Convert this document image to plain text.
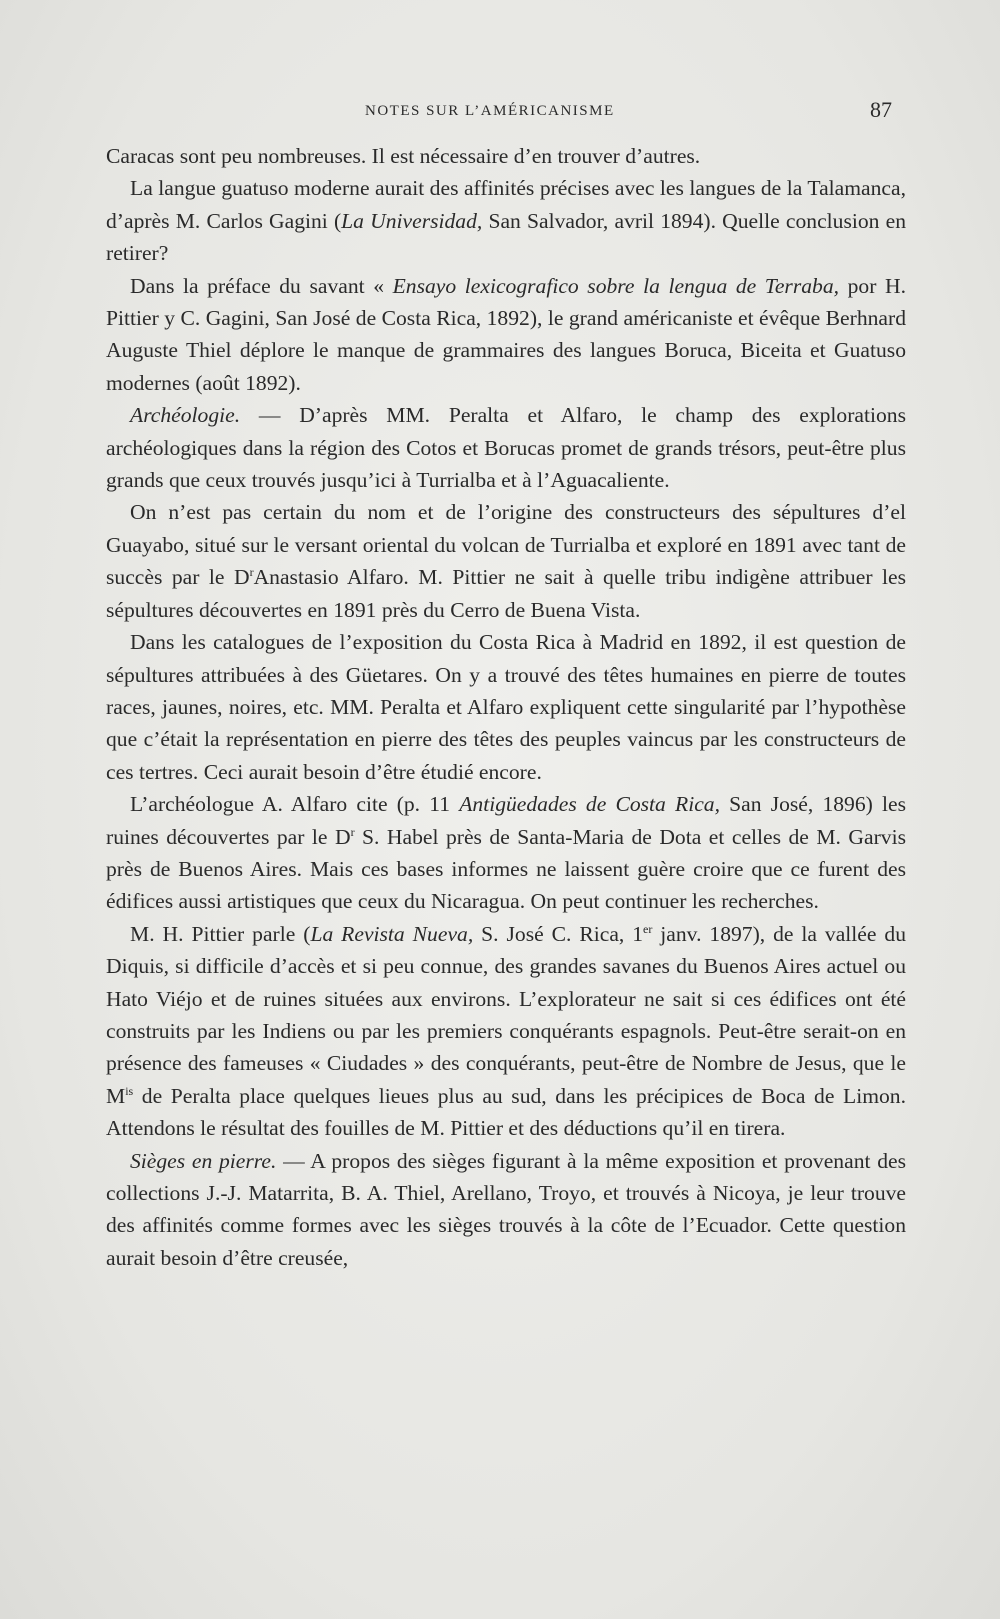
NOTES SUR L’AMÉRICANISME	87

Caracas sont peu nombreuses. Il est nécessaire d’en trouver d’autres.

La langue guatuso moderne aurait des affinités précises avec les langues de la Talamanca, d’après M. Carlos Gagini (La Universidad, San Salvador, avril 1894). Quelle conclusion en retirer?

Dans la préface du savant « Ensayo lexicografico sobre la lengua de Terraba, por H. Pittier y C. Gagini, San José de Costa Rica, 1892), le grand américaniste et évêque Berhnard Auguste Thiel déplore le manque de grammaires des langues Boruca, Biceita et Guatuso modernes (août 1892).

Archéologie. — D’après MM. Peralta et Alfaro, le champ des explorations archéologiques dans la région des Cotos et Borucas promet de grands trésors, peut-être plus grands que ceux trouvés jusqu’ici à Turrialba et à l’Aguacaliente.

On n’est pas certain du nom et de l’origine des constructeurs des sépultures d’el Guayabo, situé sur le versant oriental du volcan de Turrialba et exploré en 1891 avec tant de succès par le $D^rAnastasio$ Alfaro. M. Pittier ne sait à quelle tribu indigène attribuer les sépultures découvertes en 1891 près du Cerro de Buena Vista.

Dans les catalogues de l’exposition du Costa Rica à Madrid en 1892, il est question de sépultures attribuées à des Güetares. On y a trouvé des têtes humaines en pierre de toutes races, jaunes, noires, etc. MM. Peralta et Alfaro expliquent cette singularité par l’hypothèse que c’était la représentation en pierre des têtes des peuples vaincus par les constructeurs de ces tertres. Ceci aurait besoin d’être étudié encore.

L’archéologue A. Alfaro cite (p. 11 Antigüedades de Costa Rica, San José, 1896) les ruines découvertes par le $D^r$ S. Habel près de Santa-Maria de Dota et celles de M. Garvis près de Buenos Aires. Mais ces bases informes ne laissent guère croire que ce furent des édifices aussi artistiques que ceux du Nicaragua. On peut continuer les recherches.

M. H. Pittier parle (La Revista Nueva, S. José C. Rica, 1er janv. 1897), de la vallée du Diquis, si difficile d’accès et si peu connue, des grandes savanes du Buenos Aires actuel ou Hato Viéjo et de ruines situées aux environs. L’explorateur ne sait si ces édifices ont été construits par les Indiens ou par les premiers conquérants espagnols. Peut-être serait-on en présence des fameuses « Ciudades » des conquérants, peut-être de Nombre de Jesus, que le $M^{is}$ de Peralta place quelques lieues plus au sud, dans les précipices de Boca de Limon. Attendons le résultat des fouilles de M. Pittier et des déductions qu’il en tirera.

Sièges en pierre. — A propos des sièges figurant à la même exposition et provenant des collections J.-J. Matarrita, B. A. Thiel, Arellano, Troyo, et trouvés à Nicoya, je leur trouve des affinités comme formes avec les sièges trouvés à la côte de l’Ecuador. Cette question aurait besoin d’être creusée,
